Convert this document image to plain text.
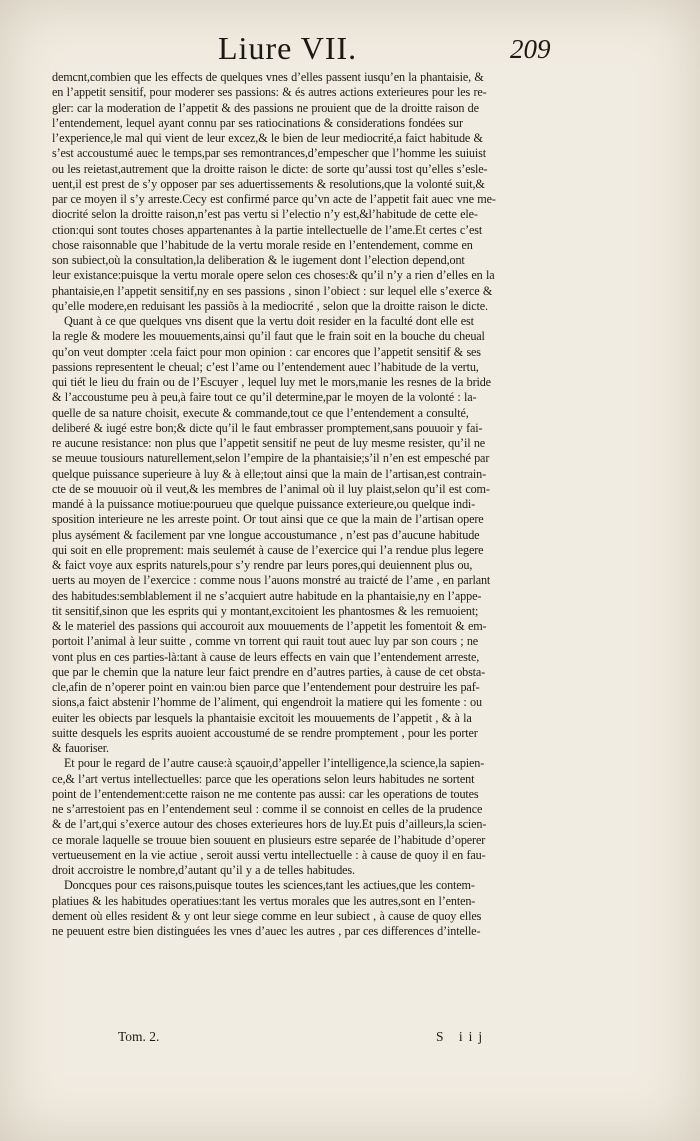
Liure VII.	209
demcnt,combien que les effects de quelques vnes d’elles passent iusqu’en la phantaisie, &
en l’appetit sensitif, pour moderer ses passions: & és autres actions exterieures pour les re-
gler: car la moderation de l’appetit & des passions ne prouient que de la droitte raison de
l’entendement, lequel ayant connu par ses ratiocinations & considerations fondées sur
l’experience,le mal qui vient de leur excez,& le bien de leur mediocrité,a faict habitude &
s’est accoustumé auec le temps,par ses remontrances,d’empescher que l’homme les suiuist
ou les reietast,autrement que la droitte raison le dicte: de sorte qu’aussi tost qu’elles s’esle-
uent,il est prest de s’y opposer par ses aduertissements & resolutions,que la volonté suit,&
par ce moyen il s’y arreste.Cecy est confirmé parce qu’vn acte de l’appetit fait auec vne me-
diocrité selon la droitte raison,n’est pas vertu si l’electio n’y est,&l’habitude de cette ele-
ction:qui sont toutes choses appartenantes à la partie intellectuelle de l’ame.Et certes c’est
chose raisonnable que l’habitude de la vertu morale reside en l’entendement, comme en
son subiect,où la consultation,la deliberation & le iugement dont l’election depend,ont
leur existance:puisque la vertu morale opere selon ces choses:& qu’il n’y a rien d’elles en la
phantaisie,en l’appetit sensitif,ny en ses passions , sinon l’obiect : sur lequel elle s’exerce &
qu’elle modere,en reduisant les passiõs à la mediocrité , selon que la droitte raison le dicte.
Quant à ce que quelques vns disent que la vertu doit resider en la faculté dont elle est
la regle & modere les mouuements,ainsi qu’il faut que le frain soit en la bouche du cheual
qu’on veut dompter :cela faict pour mon opinion : car encores que l’appetit sensitif & ses
passions representent le cheual; c’est l’ame ou l’entendement auec l’habitude de la vertu,
qui tiét le lieu du frain ou de l’Escuyer , lequel luy met le mors,manie les resnes de la bride
& l’accoustume peu à peu,à faire tout ce qu’il determine,par le moyen de la volonté : la-
quelle de sa nature choisit, execute & commande,tout ce que l’entendement a consulté,
deliberé & iugé estre bon;& dicte qu’il le faut embrasser promptement,sans pouuoir y fai-
re aucune resistance: non plus que l’appetit sensitif ne peut de luy mesme resister, qu’il ne
se meuue tousiours naturellement,selon l’empire de la phantaisie;s’il n’en est empesché par
quelque puissance superieure à luy & à elle;tout ainsi que la main de l’artisan,est contrain-
cte de se mouuoir où il veut,& les membres de l’animal où il luy plaist,selon qu’il est com-
mandé à la puissance motiue:pourueu que quelque puissance exterieure,ou quelque indi-
sposition interieure ne les arreste point. Or tout ainsi que ce que la main de l’artisan opere
plus aysément & facilement par vne longue accoustumance , n’est pas d’aucune habitude
qui soit en elle proprement: mais seulemét à cause de l’exercice qui l’a rendue plus legere
& faict voye aux esprits naturels,pour s’y rendre par leurs pores,qui deuiennent plus ou,
uerts au moyen de l’exercice : comme nous l’auons monstré au traicté de l’ame , en parlant
des habitudes:semblablement il ne s’acquiert autre habitude en la phantaisie,ny en l’appe-
tit sensitif,sinon que les esprits qui y montant,excitoient les phantosmes & les remuoient;
& le materiel des passions qui accouroit aux mouuements de l’appetit les fomentoit & em-
portoit l’animal à leur suitte , comme vn torrent qui rauit tout auec luy par son cours ; ne
vont plus en ces parties-là:tant à cause de leurs effects en vain que l’entendement arreste,
que par le chemin que la nature leur faict prendre en d’autres parties, à cause de cet obsta-
cle,afin de n’operer point en vain:ou bien parce que l’entendement pour destruire les paf-
sions,a faict abstenir l’homme de l’aliment, qui engendroit la matiere qui les fomente : ou
euiter les obiects par lesquels la phantaisie excitoit les mouuements de l’appetit , & à la
suitte desquels les esprits auoient accoustumé de se rendre promptement , pour les porter
& fauoriser.
Et pour le regard de l’autre cause:à sçauoir,d’appeller l’intelligence,la science,la sapien-
ce,& l’art vertus intellectuelles: parce que les operations selon leurs habitudes ne sortent
point de l’entendement:cette raison ne me contente pas aussi: car les operations de toutes
ne s’arrestoient pas en l’entendement seul : comme il se connoist en celles de la prudence
& de l’art,qui s’exerce autour des choses exterieures hors de luy.Et puis d’ailleurs,la scien-
ce morale laquelle se trouue bien souuent en plusieurs estre separée de l’habitude d’operer
vertueusement en la vie actiue , seroit aussi vertu intellectuelle : à cause de quoy il en fau-
droit accroistre le nombre,d’autant qu’il y a de telles habitudes.
Doncques pour ces raisons,puisque toutes les sciences,tant les actiues,que les contem-
platiues & les habitudes operatiues:tant les vertus morales que les autres,sont en l’enten-
dement où elles resident & y ont leur siege comme en leur subiect , à cause de quoy elles
ne peuuent estre bien distinguées les vnes d’auec les autres , par ces differences d’intelle-
Tom. 2.	S iij
